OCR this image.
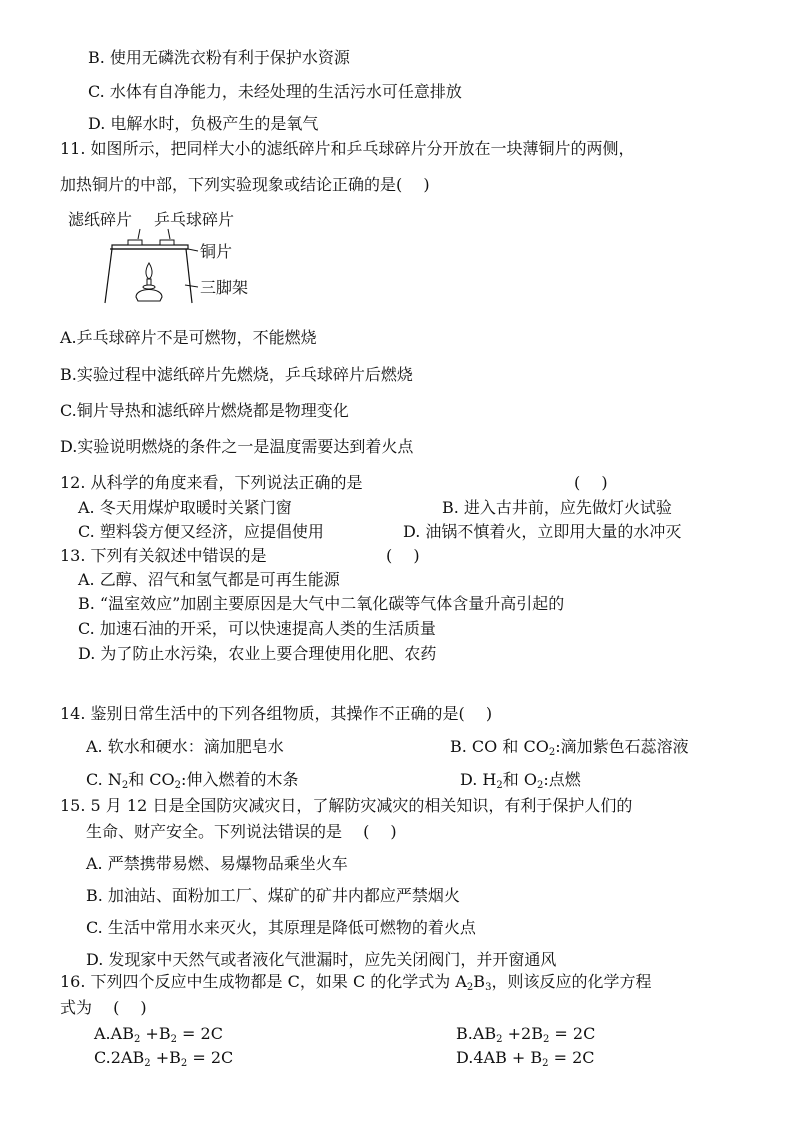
B. 使用无磷洗衣粉有利于保护水资源
C. 水体有自净能力，未经处理的生活污水可任意排放
D. 电解水时，负极产生的是氧气
11. 如图所示，把同样大小的滤纸碎片和乒乓球碎片分开放在一块薄铜片的两侧，
加热铜片的中部，下列实验现象或结论正确的是(　 )
滤纸碎片 乒乓球碎片
铜片
三脚架
A.乒乓球碎片不是可燃物，不能燃烧
B.实验过程中滤纸碎片先燃烧，乒乓球碎片后燃烧
C.铜片导热和滤纸碎片燃烧都是物理变化
D.实验说明燃烧的条件之一是温度需要达到着火点
12. 从科学的角度来看，下列说法正确的是	(　 )
A. 冬天用煤炉取暖时关紧门窗	B. 进入古井前，应先做灯火试验
C. 塑料袋方便又经济，应提倡使用	D. 油锅不慎着火，立即用大量的水冲灭
13. 下列有关叙述中错误的是	(　 )
A. 乙醇、沼气和氢气都是可再生能源
B. “温室效应”加剧主要原因是大气中二氧化碳等气体含量升高引起的
C. 加速石油的开采，可以快速提高人类的生活质量
D. 为了防止水污染，农业上要合理使用化肥、农药
14. 鉴别日常生活中的下列各组物质，其操作不正确的是(　 )
A. 软水和硬水：滴加肥皂水	B. CO 和 $CO_2$:滴加紫色石蕊溶液
C. $N_2$和 $CO_2$:伸入燃着的木条	D. $H_2$和 $O_2$:点燃
15. 5 月 12 日是全国防灾减灾日，了解防灾减灾的相关知识，有利于保护人们的
生命、财产安全。下列说法错误的是　 (　 )
A. 严禁携带易燃、易爆物品乘坐火车
B. 加油站、面粉加工厂、煤矿的矿井内都应严禁烟火
C. 生活中常用水来灭火，其原理是降低可燃物的着火点
D. 发现家中天然气或者液化气泄漏时，应先关闭阀门，并开窗通风
16. 下列四个反应中生成物都是 C，如果 C 的化学式为 $A_2B_3$，则该反应的化学方程
式为　 (　 )
$A.AB_2 +B_2 = 2C$	$B.AB_2 +2B_2 = 2C$
$C.2AB_2 +B_2 = 2C$	$D.4AB + B_2 = 2C$
